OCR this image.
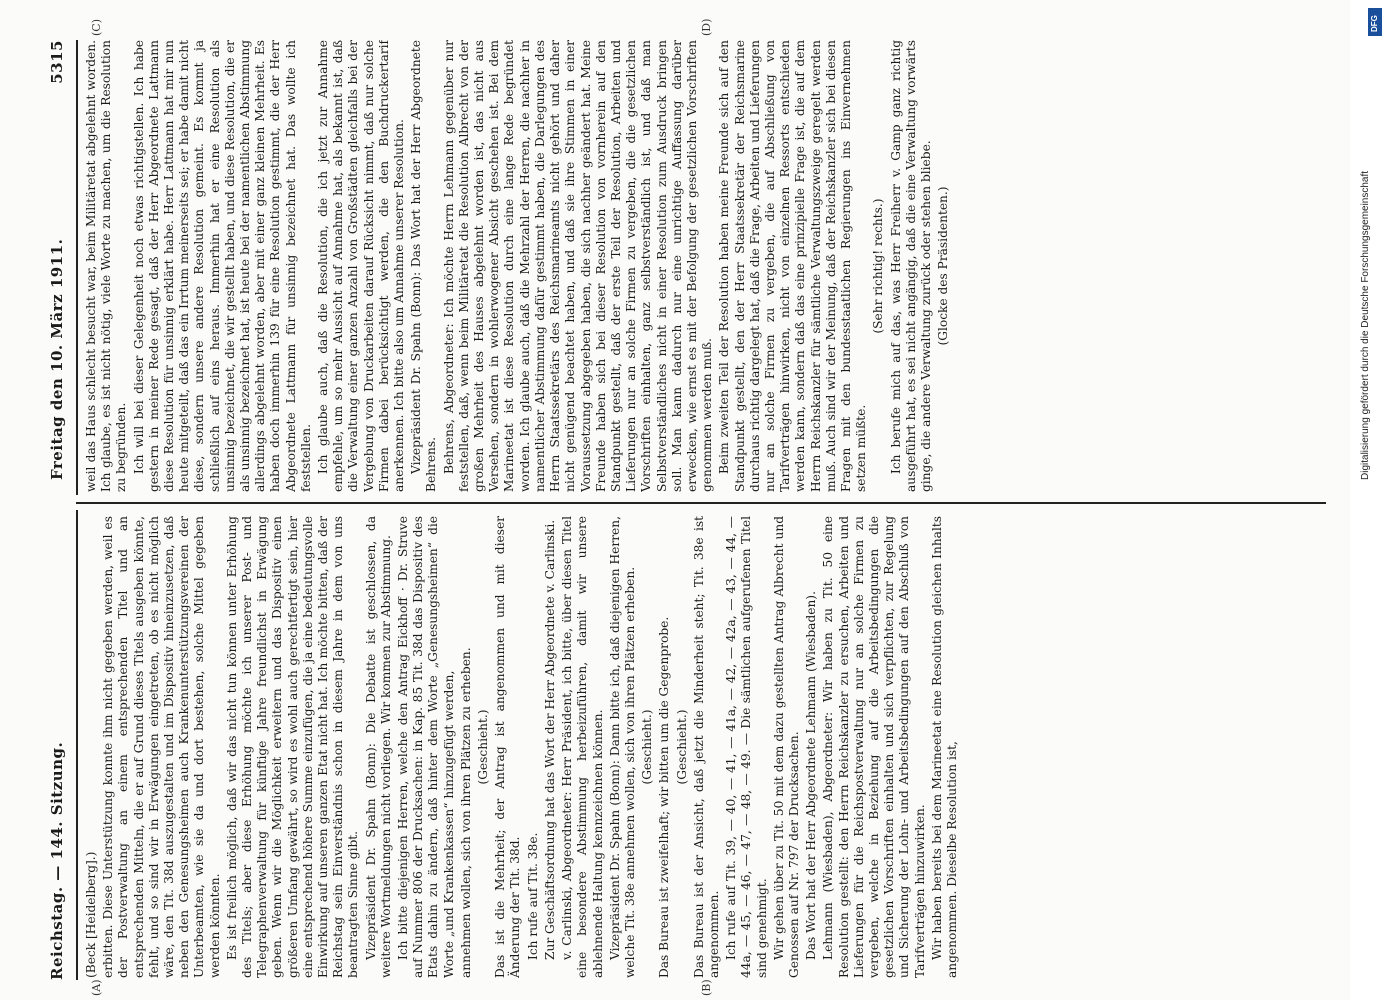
Reichstag. — 144. Sitzung.
Freitag den 10. März 1911.
5315
(A)	(B)
(C)	(D)

(Beck [Heidelberg].) erbitten. Diese Unterstützung konnte ihm nicht gegeben werden, weil es der Postverwaltung an einem entsprechenden Titel und an entsprechenden Mitteln, die er auf Grund dieses Titels ausgeben könnte, fehlt, und so sind wir in Erwägungen eingetreten, ob es nicht möglich wäre, den Tit. 38d auszugestalten und im Dispositiv hineinzusetzen, daß neben den Genesungsheimen auch Krankenunterstützungsvereinen der Unterbeamten, wie sie da und dort bestehen, solche Mittel gegeben werden könnten. Es ist freilich möglich, daß wir das nicht tun können unter Erhöhung des Titels; aber diese Erhöhung möchte ich unserer Post- und Telegraphenverwaltung für künftige Jahre freundlichst in Erwägung geben. Wenn wir die Möglichkeit erweitern und das Dispositiv einen größeren Umfang gewährt, so wird es wohl auch gerechtfertigt sein, hier eine entsprechend höhere Summe einzufügen, die ja eine bedeutungsvolle Einwirkung auf unseren ganzen Etat nicht hat. Ich möchte bitten, daß der Reichstag sein Einverständnis schon in diesem Jahre in dem von uns beantragten Sinne gibt. Vizepräsident Dr. Spahn (Bonn): Die Debatte ist geschlossen, da weitere Wortmeldungen nicht vorliegen. Wir kommen zur Abstimmung. Ich bitte diejenigen Herren, welche den Antrag Eickhoff · Dr. Struve auf Nummer 806 der Drucksachen: in Kap. 85 Tit. 38d das Dispositiv des Etats dahin zu ändern, daß hinter dem Worte „Genesungsheimen“ die Worte „und Krankenkassen“ hinzugefügt werden, annehmen wollen, sich von ihren Plätzen zu erheben. (Geschieht.) Das ist die Mehrheit; der Antrag ist angenommen und mit dieser Änderung der Tit. 38d. Ich rufe auf Tit. 38e. Zur Geschäftsordnung hat das Wort der Herr Abgeordnete v. Carlinski. v. Carlinski, Abgeordneter: Herr Präsident, ich bitte, über diesen Titel eine besondere Abstimmung herbeizuführen, damit wir unsere ablehnende Haltung kennzeichnen können. Vizepräsident Dr. Spahn (Bonn): Dann bitte ich, daß diejenigen Herren, welche Tit. 38e annehmen wollen, sich von ihren Plätzen erheben. (Geschieht.) Das Bureau ist zweifelhaft; wir bitten um die Gegenprobe. (Geschieht.) Das Bureau ist der Ansicht, daß jetzt die Minderheit steht; Tit. 38e ist angenommen. Ich rufe auf Tit. 39, — 40, — 41, — 41a, — 42, — 42a, — 43, — 44, — 44a, — 45, — 46, — 47, — 48, — 49. — Die sämtlichen aufgerufenen Titel sind genehmigt. Wir gehen über zu Tit. 50 mit dem dazu gestellten Antrag Albrecht und Genossen auf Nr. 797 der Drucksachen. Das Wort hat der Herr Abgeordnete Lehmann (Wiesbaden). Lehmann (Wiesbaden), Abgeordneter: Wir haben zu Tit. 50 eine Resolution gestellt: den Herrn Reichskanzler zu ersuchen, Arbeiten und Lieferungen für die Reichspostverwaltung nur an solche Firmen zu vergeben, welche in Beziehung auf die Arbeitsbedingungen die gesetzlichen Vorschriften einhalten und sich verpflichten, zur Regelung und Sicherung der Lohn- und Arbeitsbedingungen auf den Abschluß von Tarifverträgen hinzuwirken. Wir haben bereits bei dem Marineetat eine Resolution gleichen Inhalts angenommen. Dieselbe Resolution ist,

weil das Haus schlecht besucht war, beim Militäretat abgelehnt worden. Ich glaube, es ist nicht nötig, viele Worte zu machen, um die Resolution zu begründen. Ich will bei dieser Gelegenheit noch etwas richtigstellen. Ich habe gestern in meiner Rede gesagt, daß der Herr Abgeordnete Lattmann diese Resolution für unsinnig erklärt habe. Herr Lattmann hat mir nun heute mitgeteilt, daß das ein Irrtum meinerseits sei; er habe damit nicht diese, sondern unsere andere Resolution gemeint. Es kommt ja schließlich auf eins heraus. Immerhin hat er eine Resolution als unsinnig bezeichnet, die wir gestellt haben, und diese Resolution, die er als unsinnig bezeichnet hat, ist heute bei der namentlichen Abstimmung allerdings abgelehnt worden, aber mit einer ganz kleinen Mehrheit. Es haben doch immerhin 139 für eine Resolution gestimmt, die der Herr Abgeordnete Lattmann für unsinnig bezeichnet hat. Das wollte ich feststellen. Ich glaube auch, daß die Resolution, die ich jetzt zur Annahme empfehle, um so mehr Aussicht auf Annahme hat, als bekannt ist, daß die Verwaltung einer ganzen Anzahl von Großstädten gleichfalls bei der Vergebung von Druckarbeiten darauf Rücksicht nimmt, daß nur solche Firmen dabei berücksichtigt werden, die den Buchdruckertarif anerkennen. Ich bitte also um Annahme unserer Resolution. Vizepräsident Dr. Spahn (Bonn): Das Wort hat der Herr Abgeordnete Behrens. Behrens, Abgeordneter: Ich möchte Herrn Lehmann gegenüber nur feststellen, daß, wenn beim Militäretat die Resolution Albrecht von der großen Mehrheit des Hauses abgelehnt worden ist, das nicht aus Versehen, sondern in wohlerwogener Absicht geschehen ist. Bei dem Marineetat ist diese Resolution durch eine lange Rede begründet worden. Ich glaube auch, daß die Mehrzahl der Herren, die nachher in namentlicher Abstimmung dafür gestimmt haben, die Darlegungen des Herrn Staatssekretärs des Reichsmarineamts nicht gehört und daher nicht genügend beachtet haben, und daß sie ihre Stimmen in einer Voraussetzung abgegeben haben, die sich nachher geändert hat. Meine Freunde haben sich bei dieser Resolution von vornherein auf den Standpunkt gestellt, daß der erste Teil der Resolution, Arbeiten und Lieferungen nur an solche Firmen zu vergeben, die die gesetzlichen Vorschriften einhalten, ganz selbstverständlich ist, und daß man Selbstverständliches nicht in einer Resolution zum Ausdruck bringen soll. Man kann dadurch nur eine unrichtige Auffassung darüber erwecken, wie ernst es mit der Befolgung der gesetzlichen Vorschriften genommen werden muß. Beim zweiten Teil der Resolution haben meine Freunde sich auf den Standpunkt gestellt, den der Herr Staatssekretär der Reichsmarine durchaus richtig dargelegt hat, daß die Frage, Arbeiten und Lieferungen nur an solche Firmen zu vergeben, die auf Abschließung von Tarifverträgen hinwirken, nicht von einzelnen Ressorts entschieden werden kann, sondern daß das eine prinzipielle Frage ist, die auf dem Herrn Reichskanzler für sämtliche Verwaltungszweige geregelt werden muß. Auch sind wir der Meinung, daß der Reichskanzler sich bei diesen Fragen mit den bundesstaatlichen Regierungen ins Einvernehmen setzen müßte.

(Sehr richtig! rechts.) Ich berufe mich auf das, was Herr Freiherr v. Gamp ganz richtig ausgeführt hat, es sei nicht angängig, daß die eine Verwaltung vorwärts ginge, die andere Verwaltung zurück oder stehen bliebe. (Glocke des Präsidenten.)

DFG
Digitalisierung gefördert durch die Deutsche Forschungsgemeinschaft
